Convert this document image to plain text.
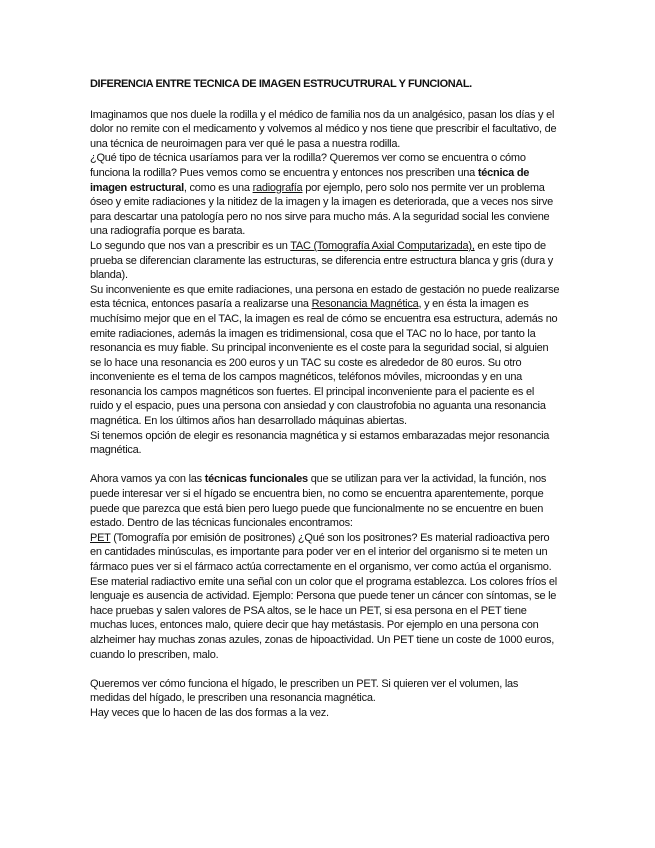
DIFERENCIA ENTRE TECNICA DE IMAGEN ESTRUCUTRURAL Y FUNCIONAL.

Imaginamos que nos duele la rodilla y el médico de familia nos da un analgésico, pasan los días y el dolor no remite con el medicamento y volvemos al médico y nos tiene que prescribir el facultativo, de una técnica de neuroimagen para ver qué le pasa a nuestra rodilla.

¿Qué tipo de técnica usaríamos para ver la rodilla? Queremos ver como se encuentra o cómo funciona la rodilla? Pues vemos como se encuentra y entonces nos prescriben una técnica de imagen estructural, como es una radiografía por ejemplo, pero solo nos permite ver un problema óseo y emite radiaciones y la nitidez de la imagen y la imagen es deteriorada, que a veces nos sirve para descartar una patología pero no nos sirve para mucho más. A la seguridad social les conviene una radiografía porque es barata.

Lo segundo que nos van a prescribir es un TAC (Tomografía Axial Computarizada), en este tipo de prueba se diferencian claramente las estructuras, se diferencia entre estructura blanca y gris (dura y blanda).

Su inconveniente es que emite radiaciones, una persona en estado de gestación no puede realizarse esta técnica, entonces pasaría a realizarse una Resonancia Magnética, y en ésta la imagen es muchísimo mejor que en el TAC, la imagen es real de cómo se encuentra esa estructura, además no emite radiaciones, además la imagen es tridimensional, cosa que el TAC no lo hace, por tanto la resonancia es muy fiable. Su principal inconveniente es el coste para la seguridad social, si alguien se lo hace una resonancia es 200 euros y un TAC su coste es alrededor de 80 euros. Su otro inconveniente es el tema de los campos magnéticos, teléfonos móviles, microondas y en una resonancia los campos magnéticos son fuertes. El principal inconveniente para el paciente es el ruido y el espacio, pues una persona con ansiedad y con claustrofobia no aguanta una resonancia magnética. En los últimos años han desarrollado máquinas abiertas.

Si tenemos opción de elegir es resonancia magnética y si estamos embarazadas mejor resonancia magnética.

Ahora vamos ya con las técnicas funcionales que se utilizan para ver la actividad, la función, nos puede interesar ver si el hígado se encuentra bien, no como se encuentra aparentemente, porque puede que parezca que está bien pero luego puede que funcionalmente no se encuentre en buen estado. Dentro de las técnicas funcionales encontramos:

PET (Tomografía por emisión de positrones) ¿Qué son los positrones? Es material radioactiva pero en cantidades minúsculas, es importante para poder ver en el interior del organismo si te meten un fármaco pues ver si el fármaco actúa correctamente en el organismo, ver como actúa el organismo. Ese material radiactivo emite una señal con un color que el programa establezca. Los colores fríos el lenguaje es ausencia de actividad. Ejemplo: Persona que puede tener un cáncer con síntomas, se le hace pruebas y salen valores de PSA altos, se le hace un PET, si esa persona en el PET tiene muchas luces, entonces malo, quiere decir que hay metástasis. Por ejemplo en una persona con alzheimer hay muchas zonas azules, zonas de hipoactividad. Un PET tiene un coste de 1000 euros, cuando lo prescriben, malo.

Queremos ver cómo funciona el hígado, le prescriben un PET. Si quieren ver el volumen, las medidas del hígado, le prescriben una resonancia magnética.

Hay veces que lo hacen de las dos formas a la vez.
